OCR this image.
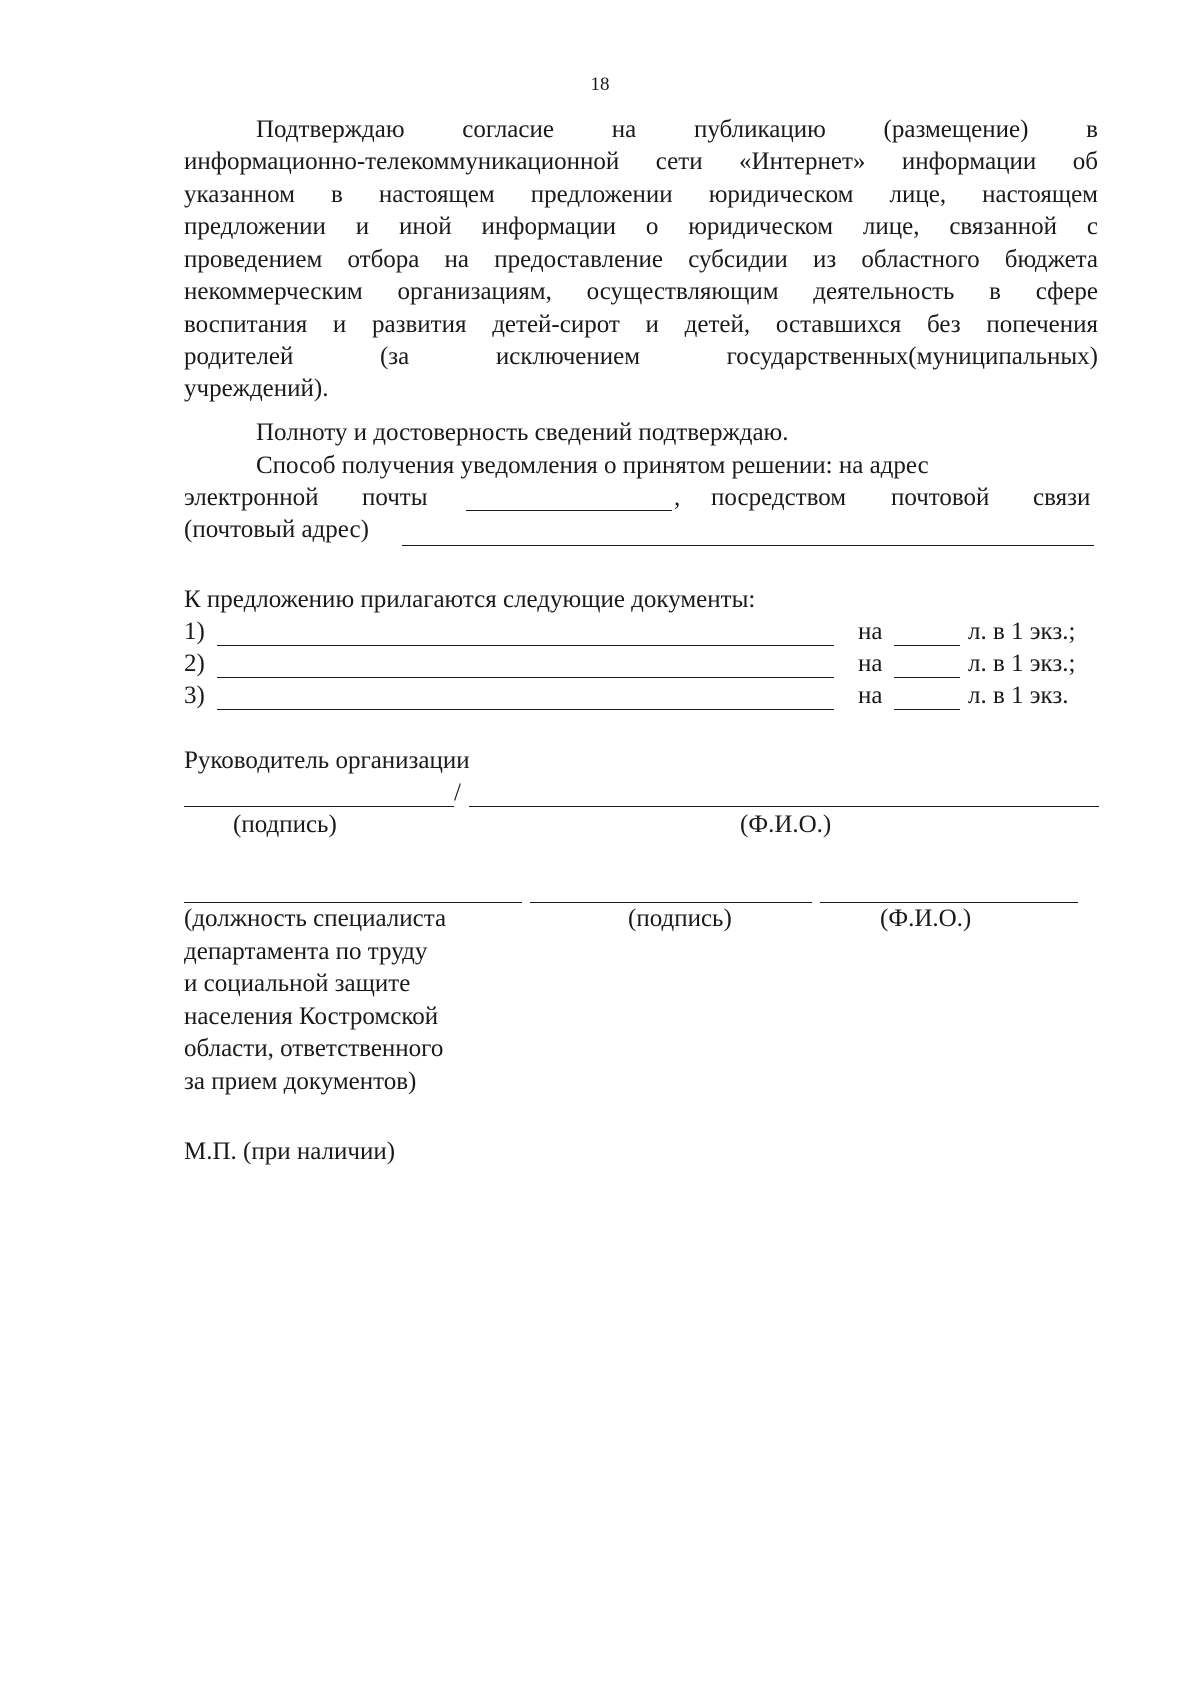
18
Подтверждаю согласие на публикацию (размещение) в

информационно-телекоммуникационной сети «Интернет» информации об

указанном в настоящем предложении юридическом лице, настоящем

предложении и иной информации о юридическом лице, связанной с

проведением отбора на предоставление субсидии из областного бюджета

некоммерческим организациям, осуществляющим деятельность в сфере

воспитания и развития детей-сирот и детей, оставшихся без попечения

родителей	(за	исключением	государственных(муниципальных)

учреждений).

Полноту и достоверность сведений подтверждаю.
Способ получения уведомления о принятом решении: на адрес
электронной почты	, посредством почтовой связи
(почтовый адрес)
К предложению прилагаются следующие документы:
1)	на	л. в 1 экз.;
2)	на	л. в 1 экз.;
3)	на	л. в 1 экз.
Руководитель организации
/
(подпись)	(Ф.И.О.)
(должность специалиста
департамента по труду
и социальной защите
населения Костромской
области, ответственного
за прием документов)
(подпись)	(Ф.И.О.)
М.П. (при наличии)
